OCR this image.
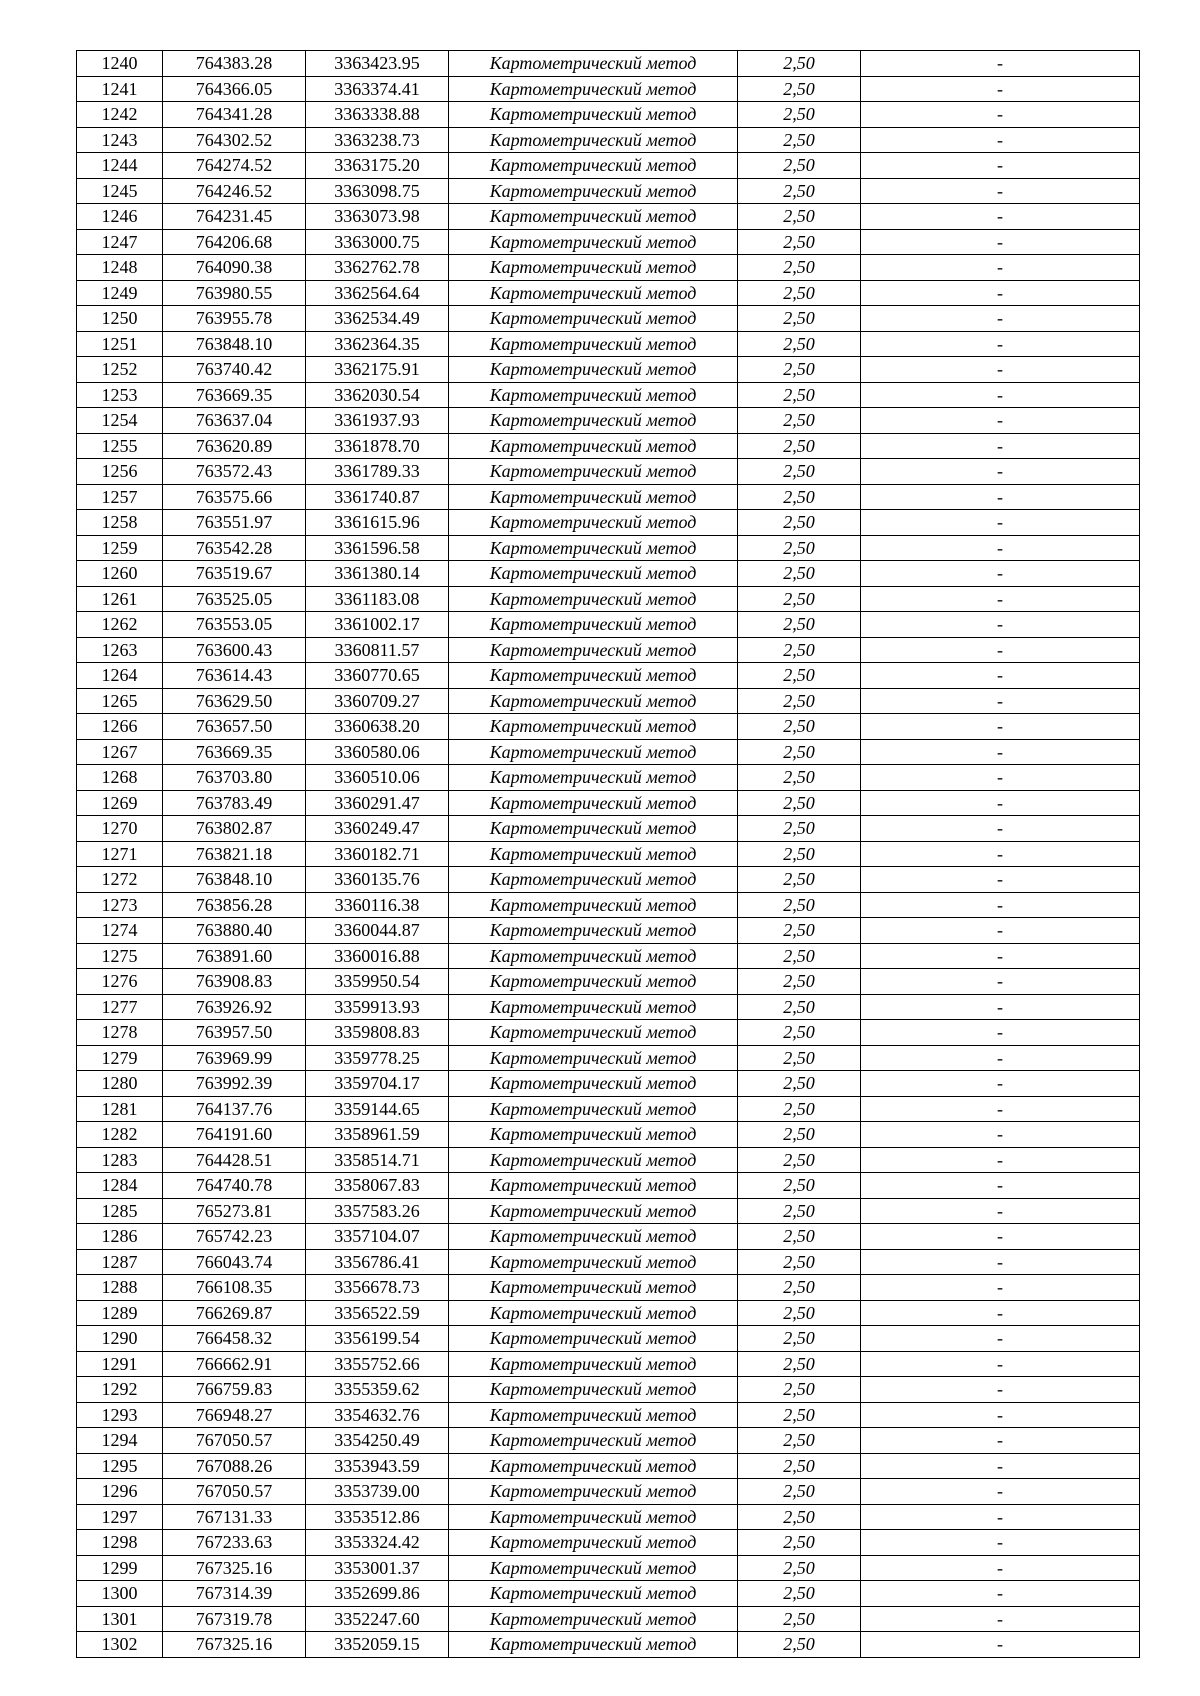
1240	764383.28	3363423.95	Картометрический метод	2,50	-
1241	764366.05	3363374.41	Картометрический метод	2,50	-
1242	764341.28	3363338.88	Картометрический метод	2,50	-
1243	764302.52	3363238.73	Картометрический метод	2,50	-
1244	764274.52	3363175.20	Картометрический метод	2,50	-
1245	764246.52	3363098.75	Картометрический метод	2,50	-
1246	764231.45	3363073.98	Картометрический метод	2,50	-
1247	764206.68	3363000.75	Картометрический метод	2,50	-
1248	764090.38	3362762.78	Картометрический метод	2,50	-
1249	763980.55	3362564.64	Картометрический метод	2,50	-
1250	763955.78	3362534.49	Картометрический метод	2,50	-
1251	763848.10	3362364.35	Картометрический метод	2,50	-
1252	763740.42	3362175.91	Картометрический метод	2,50	-
1253	763669.35	3362030.54	Картометрический метод	2,50	-
1254	763637.04	3361937.93	Картометрический метод	2,50	-
1255	763620.89	3361878.70	Картометрический метод	2,50	-
1256	763572.43	3361789.33	Картометрический метод	2,50	-
1257	763575.66	3361740.87	Картометрический метод	2,50	-
1258	763551.97	3361615.96	Картометрический метод	2,50	-
1259	763542.28	3361596.58	Картометрический метод	2,50	-
1260	763519.67	3361380.14	Картометрический метод	2,50	-
1261	763525.05	3361183.08	Картометрический метод	2,50	-
1262	763553.05	3361002.17	Картометрический метод	2,50	-
1263	763600.43	3360811.57	Картометрический метод	2,50	-
1264	763614.43	3360770.65	Картометрический метод	2,50	-
1265	763629.50	3360709.27	Картометрический метод	2,50	-
1266	763657.50	3360638.20	Картометрический метод	2,50	-
1267	763669.35	3360580.06	Картометрический метод	2,50	-
1268	763703.80	3360510.06	Картометрический метод	2,50	-
1269	763783.49	3360291.47	Картометрический метод	2,50	-
1270	763802.87	3360249.47	Картометрический метод	2,50	-
1271	763821.18	3360182.71	Картометрический метод	2,50	-
1272	763848.10	3360135.76	Картометрический метод	2,50	-
1273	763856.28	3360116.38	Картометрический метод	2,50	-
1274	763880.40	3360044.87	Картометрический метод	2,50	-
1275	763891.60	3360016.88	Картометрический метод	2,50	-
1276	763908.83	3359950.54	Картометрический метод	2,50	-
1277	763926.92	3359913.93	Картометрический метод	2,50	-
1278	763957.50	3359808.83	Картометрический метод	2,50	-
1279	763969.99	3359778.25	Картометрический метод	2,50	-
1280	763992.39	3359704.17	Картометрический метод	2,50	-
1281	764137.76	3359144.65	Картометрический метод	2,50	-
1282	764191.60	3358961.59	Картометрический метод	2,50	-
1283	764428.51	3358514.71	Картометрический метод	2,50	-
1284	764740.78	3358067.83	Картометрический метод	2,50	-
1285	765273.81	3357583.26	Картометрический метод	2,50	-
1286	765742.23	3357104.07	Картометрический метод	2,50	-
1287	766043.74	3356786.41	Картометрический метод	2,50	-
1288	766108.35	3356678.73	Картометрический метод	2,50	-
1289	766269.87	3356522.59	Картометрический метод	2,50	-
1290	766458.32	3356199.54	Картометрический метод	2,50	-
1291	766662.91	3355752.66	Картометрический метод	2,50	-
1292	766759.83	3355359.62	Картометрический метод	2,50	-
1293	766948.27	3354632.76	Картометрический метод	2,50	-
1294	767050.57	3354250.49	Картометрический метод	2,50	-
1295	767088.26	3353943.59	Картометрический метод	2,50	-
1296	767050.57	3353739.00	Картометрический метод	2,50	-
1297	767131.33	3353512.86	Картометрический метод	2,50	-
1298	767233.63	3353324.42	Картометрический метод	2,50	-
1299	767325.16	3353001.37	Картометрический метод	2,50	-
1300	767314.39	3352699.86	Картометрический метод	2,50	-
1301	767319.78	3352247.60	Картометрический метод	2,50	-
1302	767325.16	3352059.15	Картометрический метод	2,50	-
